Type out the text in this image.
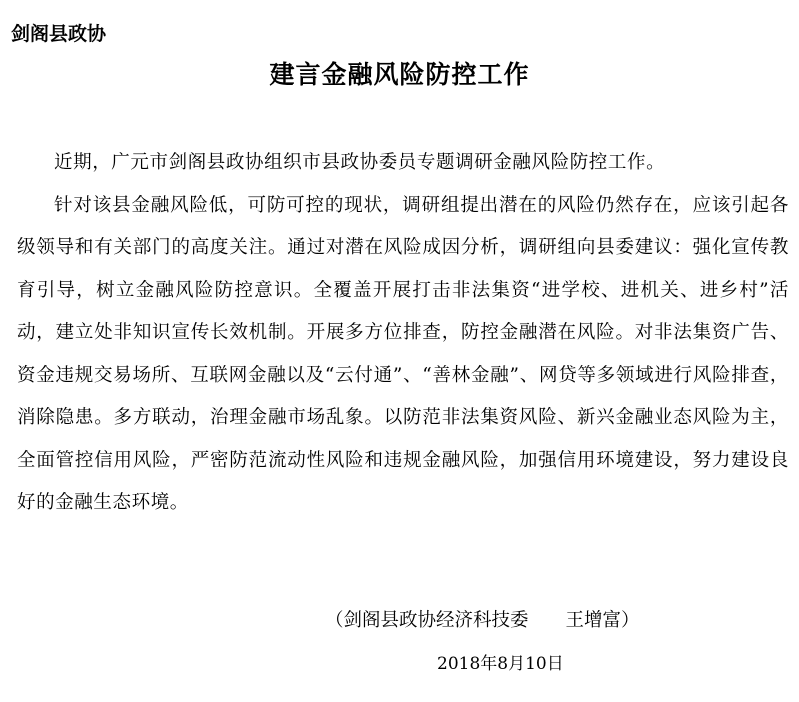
剑阁县政协
建言金融风险防控工作

近期，广元市剑阁县政协组织市县政协委员专题调研金融风险防控工作。

针对该县金融风险低，可防可控的现状，调研组提出潜在的风险仍然存在，应该引起各级领导和有关部门的高度关注。通过对潜在风险成因分析，调研组向县委建议：强化宣传教育引导，树立金融风险防控意识。全覆盖开展打击非法集资“进学校、进机关、进乡村”活动，建立处非知识宣传长效机制。开展多方位排查，防控金融潜在风险。对非法集资广告、资金违规交易场所、互联网金融以及“云付通”、“善林金融”、网贷等多领域进行风险排查，消除隐患。多方联动，治理金融市场乱象。以防范非法集资风险、新兴金融业态风险为主，全面管控信用风险，严密防范流动性风险和违规金融风险，加强信用环境建设，努力建设良好的金融生态环境。

（剑阁县政协经济科技委　　王增富）
2018年8月10日
